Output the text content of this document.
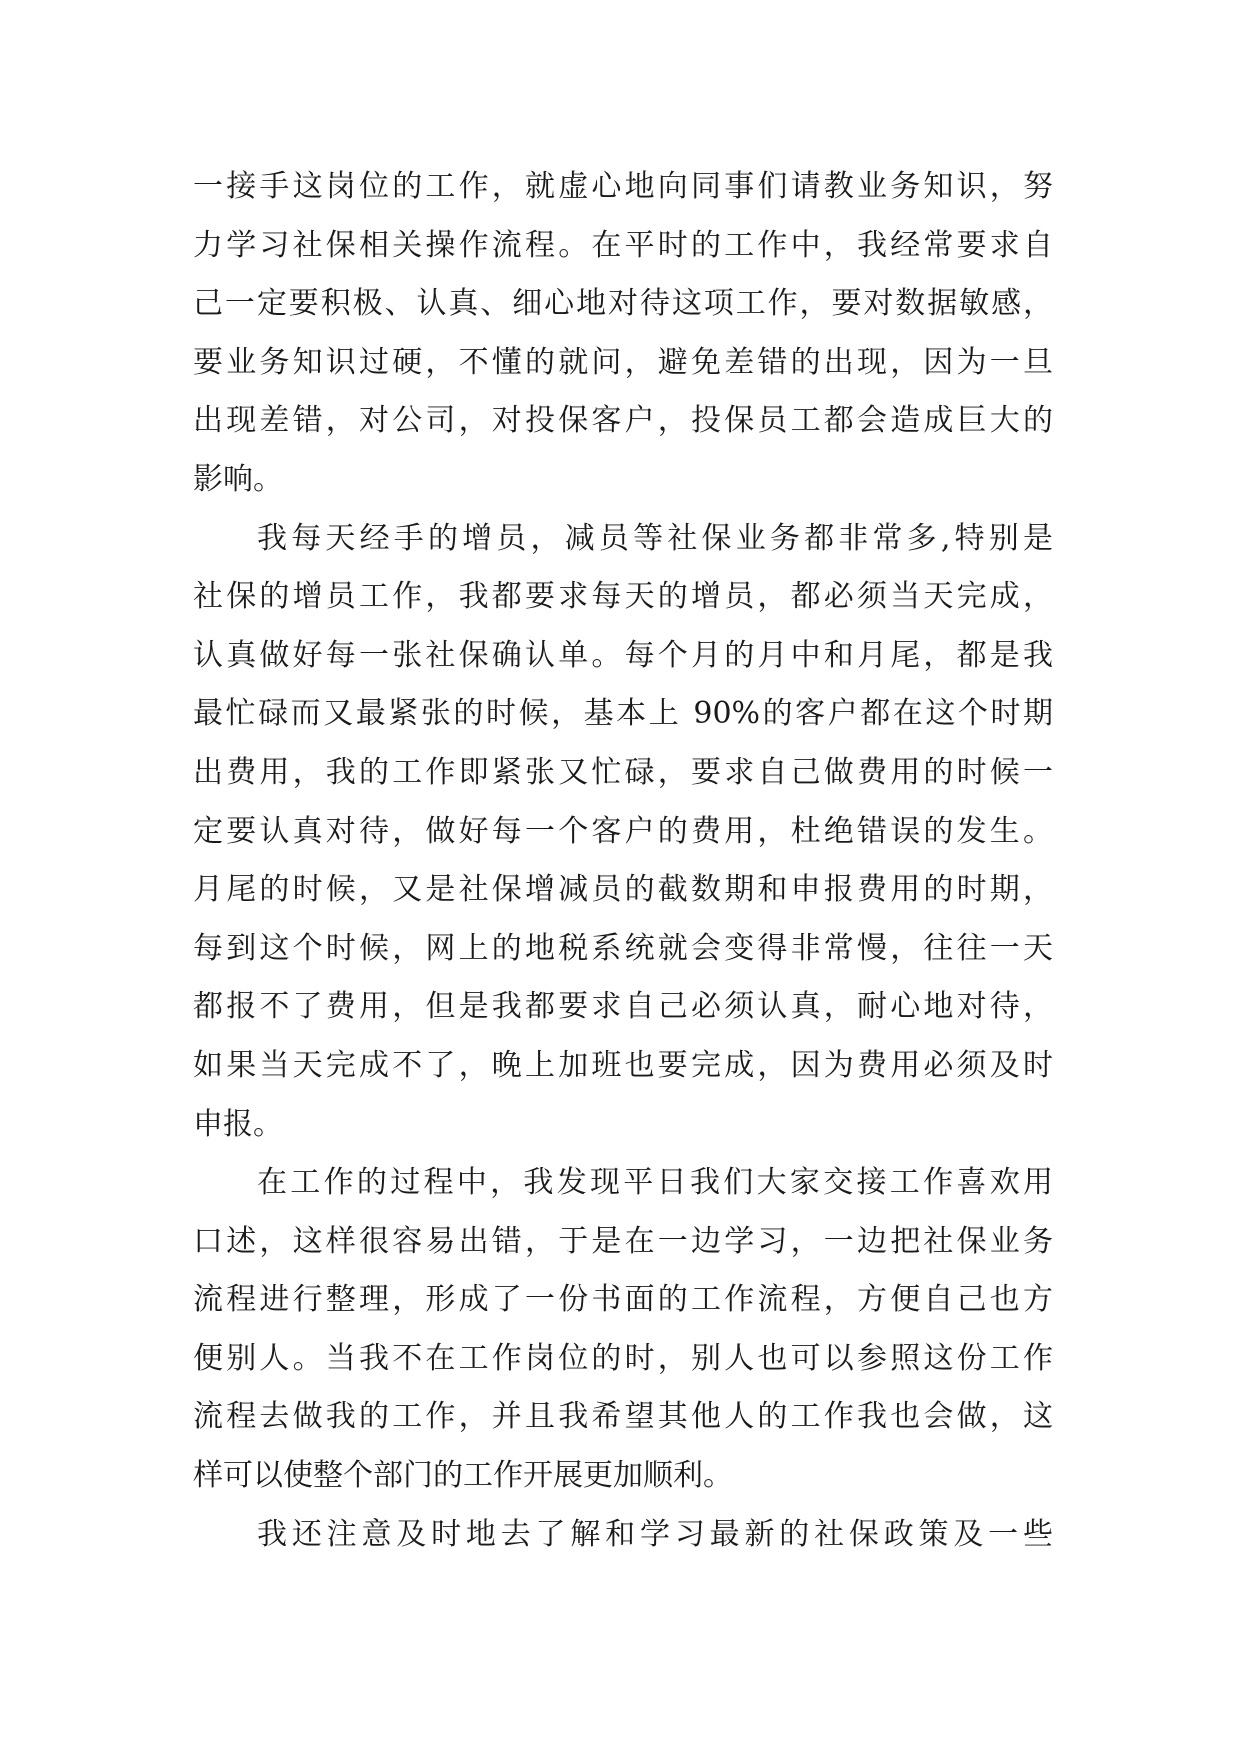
一接手这岗位的工作，就虚心地向同事们请教业务知识，努
力学习社保相关操作流程。在平时的工作中，我经常要求自
己一定要积极、认真、细心地对待这项工作，要对数据敏感，
要业务知识过硬，不懂的就问，避免差错的出现，因为一旦
出现差错，对公司，对投保客户，投保员工都会造成巨大的
影响。
我每天经手的增员，减员等社保业务都非常多,特别是
社保的增员工作，我都要求每天的增员，都必须当天完成，
认真做好每一张社保确认单。每个月的月中和月尾，都是我
最忙碌而又最紧张的时候，基本上 90%的客户都在这个时期
出费用，我的工作即紧张又忙碌，要求自己做费用的时候一
定要认真对待，做好每一个客户的费用，杜绝错误的发生。
月尾的时候，又是社保增减员的截数期和申报费用的时期，
每到这个时候，网上的地税系统就会变得非常慢，往往一天
都报不了费用，但是我都要求自己必须认真，耐心地对待，
如果当天完成不了，晚上加班也要完成，因为费用必须及时
申报。
在工作的过程中，我发现平日我们大家交接工作喜欢用
口述，这样很容易出错，于是在一边学习，一边把社保业务
流程进行整理，形成了一份书面的工作流程，方便自己也方
便别人。当我不在工作岗位的时，别人也可以参照这份工作
流程去做我的工作，并且我希望其他人的工作我也会做，这
样可以使整个部门的工作开展更加顺利。
我还注意及时地去了解和学习最新的社保政策及一些
